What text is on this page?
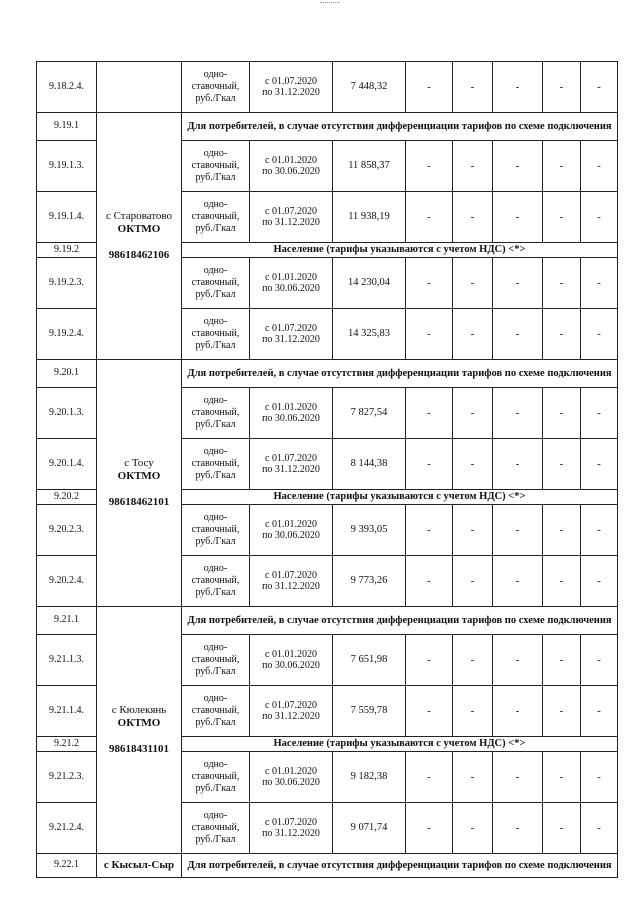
9.18.2.4.		одно-ставочный, руб./Гкал	с 01.07.2020
по 31.12.2020	7 448,32	-	-	-	-	-
9.19.1	с Староватово
ОКТМО
98618462106	Для потребителей, в случае отсутствия дифференциации тарифов по схеме подключения							
9.19.1.3.		одно-ставочный, руб./Гкал	с 01.01.2020
по 30.06.2020	11 858,37	-	-	-	-	-
9.19.1.4.		одно-ставочный, руб./Гкал	с 01.07.2020
по 31.12.2020	11 938,19	-	-	-	-	-
9.19.2		Население (тарифы указываются с учетом НДС) <*>							
9.19.2.3.		одно-ставочный, руб./Гкал	с 01.01.2020
по 30.06.2020	14 230,04	-	-	-	-	-
9.19.2.4.		одно-ставочный, руб./Гкал	с 01.07.2020
по 31.12.2020	14 325,83	-	-	-	-	-
9.20.1	с Тосу
ОКТМО
98618462101	Для потребителей, в случае отсутствия дифференциации тарифов по схеме подключения							
9.20.1.3.		одно-ставочный, руб./Гкал	с 01.01.2020
по 30.06.2020	7 827,54	-	-	-	-	-
9.20.1.4.		одно-ставочный, руб./Гкал	с 01.07.2020
по 31.12.2020	8 144,38	-	-	-	-	-
9.20.2		Население (тарифы указываются с учетом НДС) <*>							
9.20.2.3.		одно-ставочный, руб./Гкал	с 01.01.2020
по 30.06.2020	9 393,05	-	-	-	-	-
9.20.2.4.		одно-ставочный, руб./Гкал	с 01.07.2020
по 31.12.2020	9 773,26	-	-	-	-	-
9.21.1	с Кюлекянь
ОКТМО
98618431101	Для потребителей, в случае отсутствия дифференциации тарифов по схеме подключения							
9.21.1.3.		одно-ставочный, руб./Гкал	с 01.01.2020
по 30.06.2020	7 651,98	-	-	-	-	-
9.21.1.4.		одно-ставочный, руб./Гкал	с 01.07.2020
по 31.12.2020	7 559,78	-	-	-	-	-
9.21.2		Население (тарифы указываются с учетом НДС) <*>							
9.21.2.3.		одно-ставочный, руб./Гкал	с 01.01.2020
по 30.06.2020	9 182,38	-	-	-	-	-
9.21.2.4.		одно-ставочный, руб./Гкал	с 01.07.2020
по 31.12.2020	9 071,74	-	-	-	-	-
9.22.1	с Кысыл-Сыр	Для потребителей, в случае отсутствия дифференциации тарифов по схеме подключения							
